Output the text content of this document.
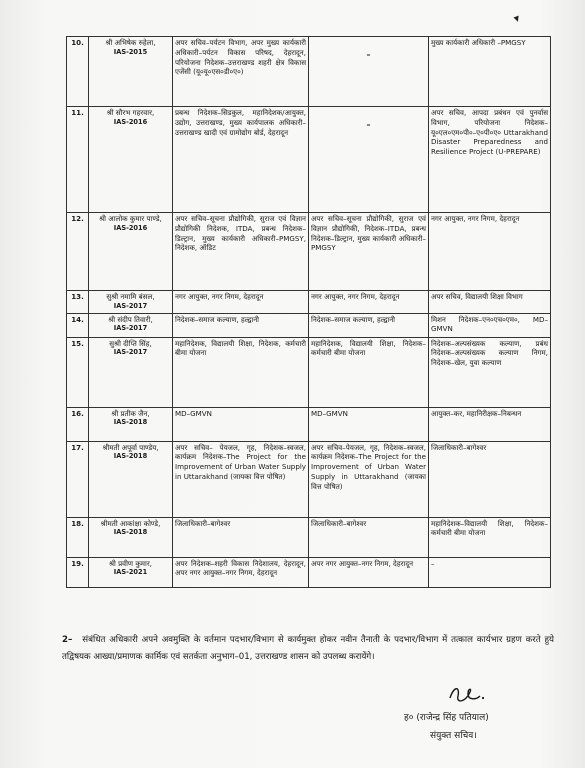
▾
10.	श्री अभिषेक रुहेला,
IAS-2015	अपर सचिव–पर्यटन विभाग, अपर मुख्य कार्यकारी अधिकारी–पर्यटन विकास परिषद, देहरादून, परियोजना निदेशक–उत्तराखण्ड शहरी क्षेत्र विकास एजेंसी (यू०यू०एस०डी०ए०)	–	मुख्य कार्यकारी अधिकारी –PMGSY
11.	श्री सौरभ गहरवार,
IAS-2016	प्रबन्ध निदेशक–सिडकुल, महानिदेशक/आयुक्त, उद्योग, उत्तराखण्ड, मुख्य कार्यपालक अधिकारी–उत्तराखण्ड खादी एवं ग्रामोद्योग बोर्ड, देहरादून	–	अपर सचिव, आपदा प्रबंधन एवं पुनर्वास विभाग, परियोजना निदेशक–यू०एल०एम०पी०–ए०पी०ए० Uttarakhand Disaster Preparedness and Resilience Project (U-PREPARE)
12.	श्री आलोक कुमार पाण्डे,
IAS-2016	अपर सचिव–सूचना प्रौद्योगिकी, सुराज एवं विज्ञान प्रौद्योगिकी निदेशक, ITDA, प्रबन्ध निदेशक–डिल्ट्रान, मुख्य कार्यकारी अधिकारी–PMGSY, निदेशक, ऑडिट	अपर सचिव–सूचना प्रौद्योगिकी, सुराज एवं विज्ञान प्रौद्योगिकी, निदेशक–ITDA, प्रबन्ध निदेशक–डिल्ट्रान, मुख्य कार्यकारी अधिकारी–PMGSY	नगर आयुक्त, नगर निगम, देहरादून
13.	सुश्री नमामि बंसल,
IAS-2017	नगर आयुक्त, नगर निगम, देहरादून	नगर आयुक्त, नगर निगम, देहरादून	अपर सचिव, विद्यालयी शिक्षा विभाग
14.	श्री संदीप तिवारी,
IAS-2017	निदेशक–समाज कल्याण, हल्द्वानी	निदेशक–समाज कल्याण, हल्द्वानी	मिशन निदेशक–एन०एच०एम०, MD–GMVN
15.	सुश्री दीप्ति सिंह,
IAS-2017	महानिदेशक, विद्यालयी शिक्षा, निदेशक, कर्मचारी बीमा योजना	महानिदेशक, विद्यालयी शिक्षा, निदेशक–कर्मचारी बीमा योजना	निदेशक–अल्पसंख्यक कल्याण, प्रबंध निदेशक–अल्पसंख्यक कल्याण निगम, निदेशक–खेल, युवा कल्याण
16.	श्री प्रतीक जैन,
IAS-2018	MD–GMVN	MD–GMVN	आयुक्त–कर, महानिरीक्षक–निबन्धन
17.	श्रीमती अपूर्वा पाण्डेय,
IAS-2018	अपर सचिव– पेयजल, गृह, निदेशक–स्वजल, कार्यक्रम निदेशक–The Project for the Improvement of Urban Water Supply in Uttarakhand (जायका वित्त पोषित)	अपर सचिव–पेयजल, गृह, निदेशक–स्वजल, कार्यक्रम निदेशक–The Project for the Improvement of Urban Water Supply in Uttarakhand (जायका वित्त पोषित)	जिलाधिकारी–बागेश्वर
18.	श्रीमती आकांक्षा कोण्डे,
IAS-2018	जिलाधिकारी–बागेश्वर	जिलाधिकारी–बागेश्वर	महानिदेशक–विद्यालयी शिक्षा, निदेशक–कर्मचारी बीमा योजना
19.	श्री प्रवीण कुमार,
IAS-2021	अपर निदेशक–शहरी विकास निदेशालय, देहरादून, अपर नगर आयुक्त–नगर निगम, देहरादून	अपर नगर आयुक्त–नगर निगम, देहरादून	–
2– संबंधित अधिकारी अपने अवमुक्ति के वर्तमान पदभार/विभाग से कार्यमुक्त होकर नवीन तैनाती के पदभार/विभाग में तत्काल कार्यभार ग्रहण करते हुये तद्विषयक आख्या/प्रमाणक कार्मिक एवं सतर्कता अनुभाग–01, उत्तराखण्ड शासन को उपलब्ध करायेंगे।
ह० (राजेन्द्र सिंह पतियाल)
संयुक्त सचिव।
